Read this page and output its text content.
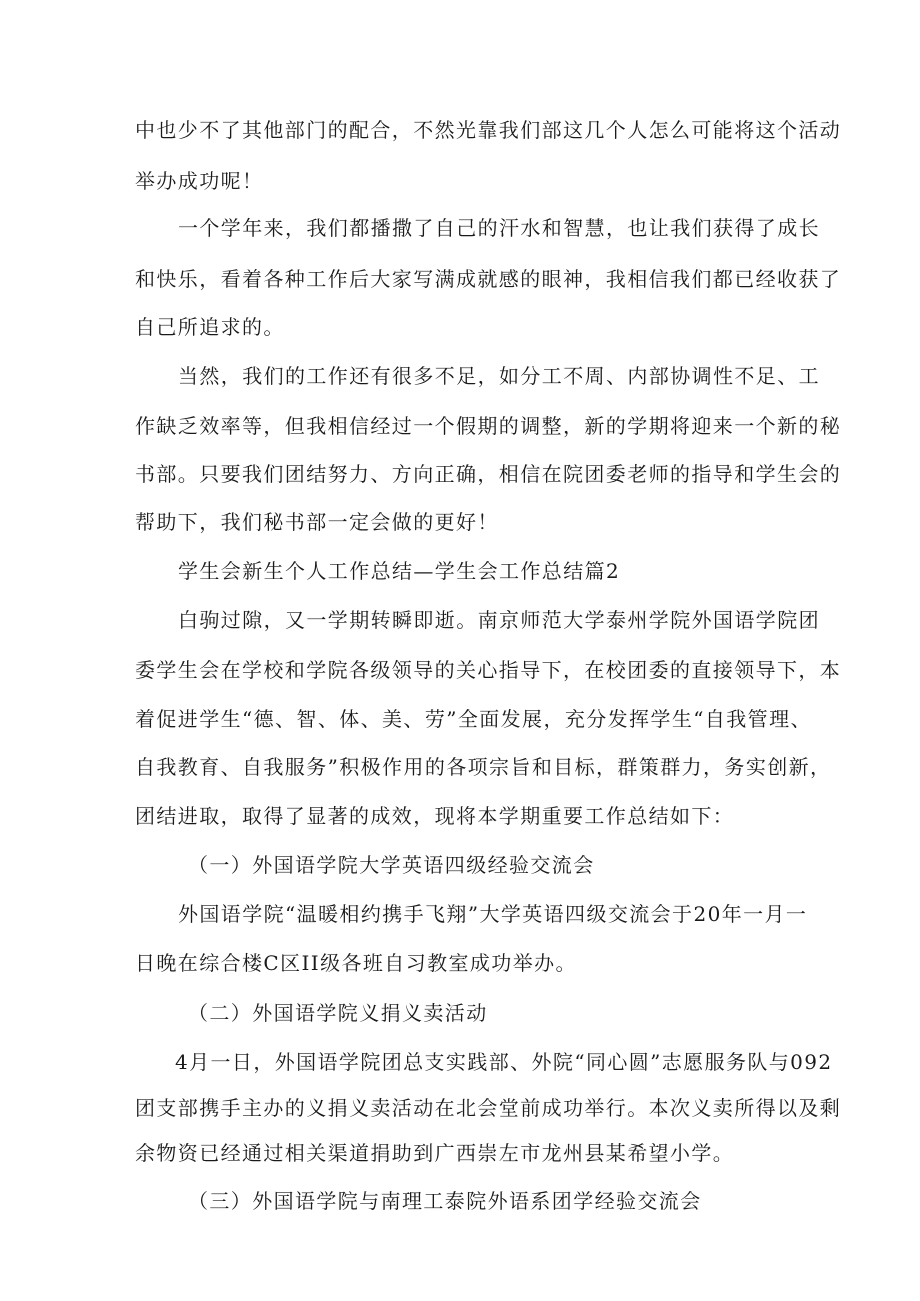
中也少不了其他部门的配合，不然光靠我们部这几个人怎么可能将这个活动
举办成功呢！
一个学年来，我们都播撒了自己的汗水和智慧，也让我们获得了成长
和快乐，看着各种工作后大家写满成就感的眼神，我相信我们都已经收获了
自己所追求的。
当然，我们的工作还有很多不足，如分工不周、内部协调性不足、工
作缺乏效率等，但我相信经过一个假期的调整，新的学期将迎来一个新的秘
书部。只要我们团结努力、方向正确，相信在院团委老师的指导和学生会的
帮助下，我们秘书部一定会做的更好！
学生会新生个人工作总结—学生会工作总结篇2
白驹过隙，又一学期转瞬即逝。南京师范大学泰州学院外国语学院团
委学生会在学校和学院各级领导的关心指导下，在校团委的直接领导下，本
着促进学生“德、智、体、美、劳”全面发展，充分发挥学生“自我管理、
自我教育、自我服务”积极作用的各项宗旨和目标，群策群力，务实创新，
团结进取，取得了显著的成效，现将本学期重要工作总结如下：
（一）外国语学院大学英语四级经验交流会
外国语学院“温暖相约携手飞翔”大学英语四级交流会于20年一月一
日晚在综合楼C区II级各班自习教室成功举办。
（二）外国语学院义捐义卖活动
4月一日，外国语学院团总支实践部、外院“同心圆”志愿服务队与092
团支部携手主办的义捐义卖活动在北会堂前成功举行。本次义卖所得以及剩
余物资已经通过相关渠道捐助到广西崇左市龙州县某希望小学。
（三）外国语学院与南理工泰院外语系团学经验交流会
